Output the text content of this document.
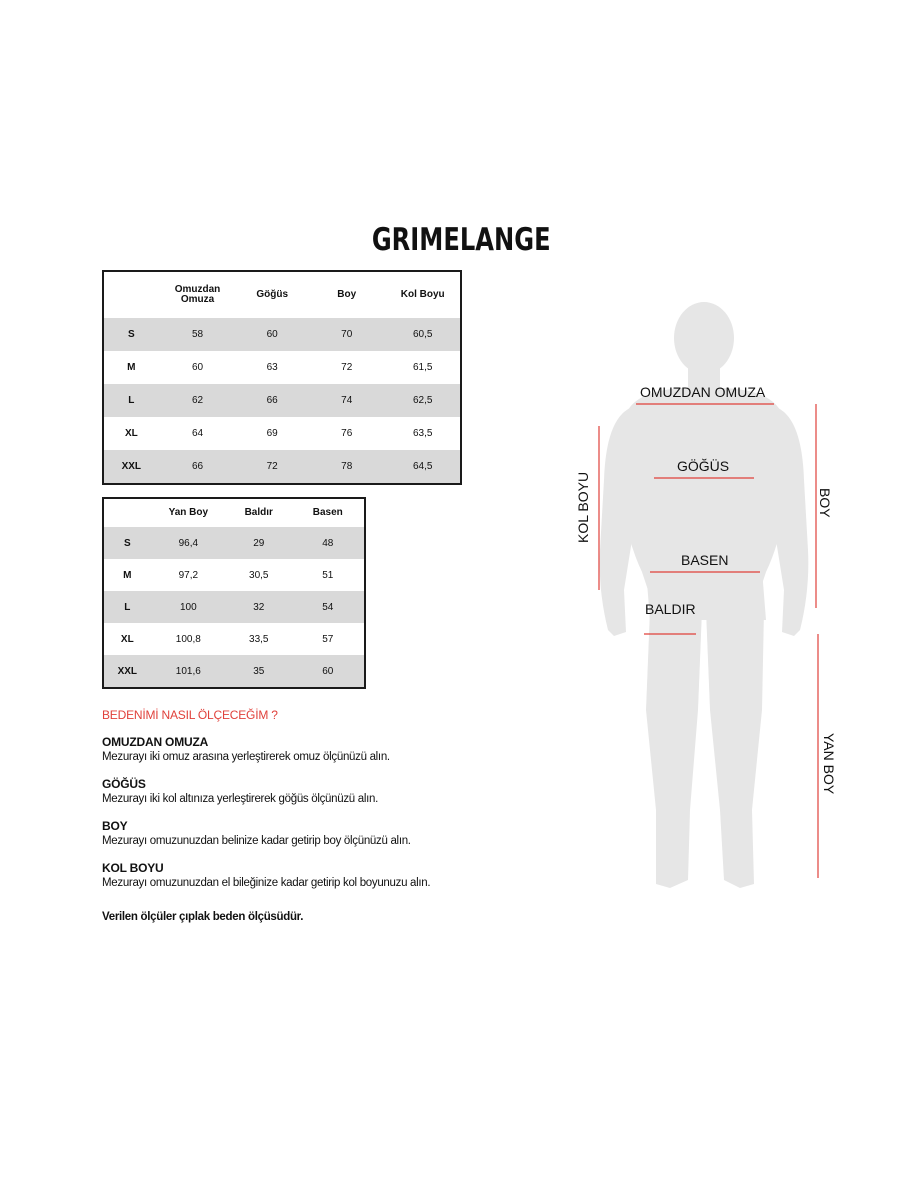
GRIMELANGE
	Omuzdan Omuza	Göğüs	Boy	Kol Boyu
S	58	60	70	60,5
M	60	63	72	61,5
L	62	66	74	62,5
XL	64	69	76	63,5
XXL	66	72	78	64,5
	Yan Boy	Baldır	Basen
S	96,4	29	48
M	97,2	30,5	51
L	100	32	54
XL	100,8	33,5	57
XXL	101,6	35	60
BEDENİMİ NASIL ÖLÇECEĞİM ?
OMUZDAN OMUZA
Mezurayı iki omuz arasına yerleştirerek omuz ölçünüzü alın.
GÖĞÜS
Mezurayı iki kol altınıza yerleştirerek göğüs ölçünüzü alın.
BOY
Mezurayı omuzunuzdan belinize kadar getirip boy ölçünüzü alın.
KOL BOYU
Mezurayı omuzunuzdan el bileğinize kadar getirip kol boyunuzu alın.
Verilen ölçüler çıplak beden ölçüsüdür.
OMUZDAN OMUZA
GÖĞÜS
BASEN
BALDIR
KOL BOYU	BOY
YAN BOY
